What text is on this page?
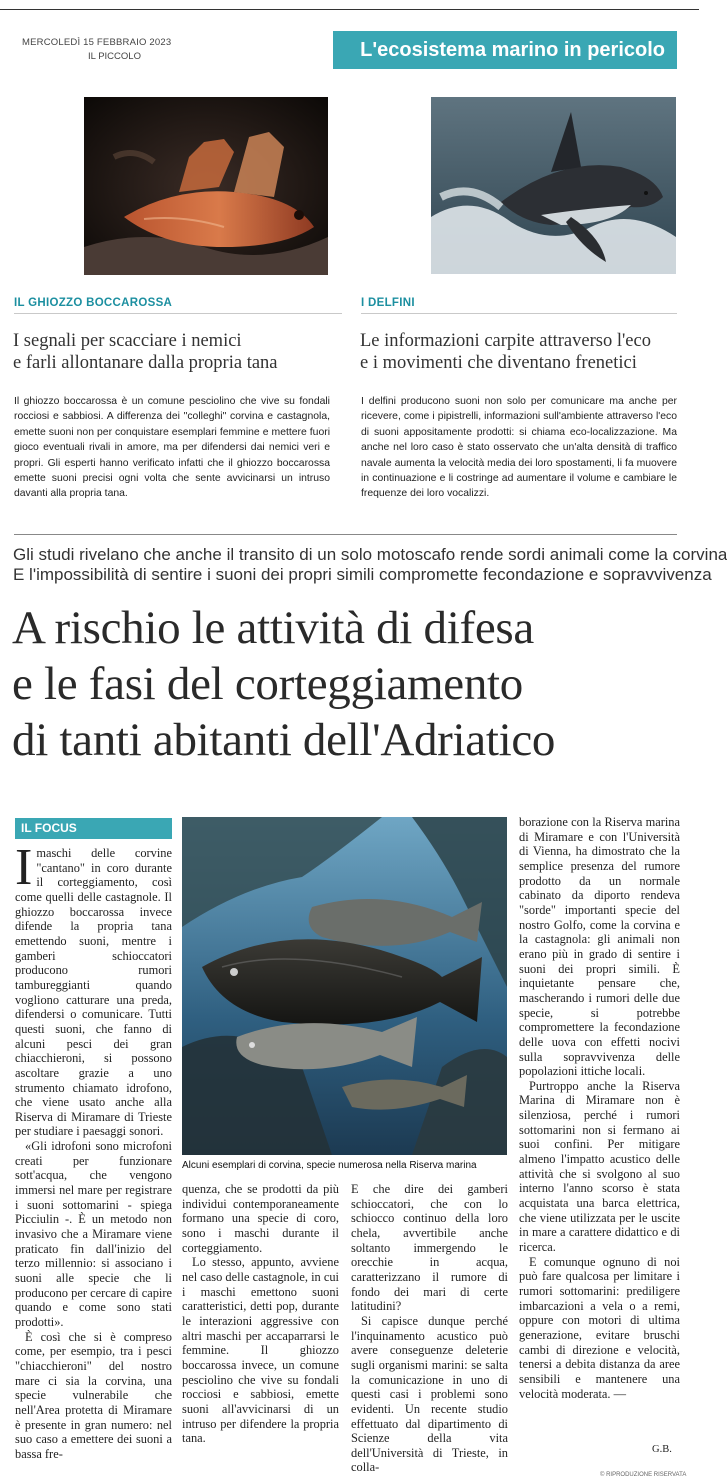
MERCOLEDÌ 15 FEBBRAIO 2023
IL PICCOLO	L'ecosistema marino in pericolo
IL GHIOZZO BOCCAROSSA
I segnali per scacciare i nemici
e farli allontanare dalla propria tana
Il ghiozzo boccarossa è un comune pesciolino che vive su fondali rocciosi e sabbiosi. A differenza dei "colleghi" corvina e castagnola, emette suoni non per conquistare esemplari femmine e mettere fuori gioco eventuali rivali in amore, ma per difendersi dai nemici veri e propri. Gli esperti hanno verificato infatti che il ghiozzo boccarossa emette suoni precisi ogni volta che sente avvicinarsi un intruso davanti alla propria tana.
I DELFINI
Le informazioni carpite attraverso l'eco
e i movimenti che diventano frenetici
I delfini producono suoni non solo per comunicare ma anche per ricevere, come i pipistrelli, informazioni sull'ambiente attraverso l'eco di suoni appositamente prodotti: si chiama eco-localizzazione. Ma anche nel loro caso è stato osservato che un'alta densità di traffico navale aumenta la velocità media dei loro spostamenti, li fa muovere in continuazione e li costringe ad aumentare il volume e cambiare le frequenze dei loro vocalizzi.
Gli studi rivelano che anche il transito di un solo motoscafo rende sordi animali come la corvina
E l'impossibilità di sentire i suoni dei propri simili compromette fecondazione e sopravvivenza
A rischio le attività di difesa
e le fasi del corteggiamento
di tanti abitanti dell'Adriatico
IL FOCUS

Imaschi delle corvine "cantano" in coro durante il corteggiamento, così come quelli delle castagnole. Il ghiozzo boccarossa invece difende la propria tana emettendo suoni, mentre i gamberi schioccatori producono rumori tambureggianti quando vogliono catturare una preda, difendersi o comunicare. Tutti questi suoni, che fanno di alcuni pesci dei gran chiacchieroni, si possono ascoltare grazie a uno strumento chiamato idrofono, che viene usato anche alla Riserva di Miramare di Trieste per studiare i paesaggi sonori.

«Gli idrofoni sono microfoni creati per funzionare sott'acqua, che vengono immersi nel mare per registrare i suoni sottomarini - spiega Picciulin -. È un metodo non invasivo che a Miramare viene praticato fin dall'inizio del terzo millennio: si associano i suoni alle specie che li producono per cercare di capire quando e come sono stati prodotti».

È così che si è compreso come, per esempio, tra i pesci "chiacchieroni" del nostro mare ci sia la corvina, una specie vulnerabile che nell'Area protetta di Miramare è presente in gran numero: nel suo caso a emettere dei suoni a bassa fre-

Alcuni esemplari di corvina, specie numerosa nella Riserva marina

quenza, che se prodotti da più individui contemporaneamente formano una specie di coro, sono i maschi durante il corteggiamento.

Lo stesso, appunto, avviene nel caso delle castagnole, in cui i maschi emettono suoni caratteristici, detti pop, durante le interazioni aggressive con altri maschi per accaparrarsi le femmine. Il ghiozzo boccarossa invece, un comune pesciolino che vive su fondali rocciosi e sabbiosi, emette suoni all'avvicinarsi di un intruso per difendere la propria tana.

E che dire dei gamberi schioccatori, che con lo schiocco continuo della loro chela, avvertibile anche soltanto immergendo le orecchie in acqua, caratterizzano il rumore di fondo dei mari di certe latitudini?

Si capisce dunque perché l'inquinamento acustico può avere conseguenze deleterie sugli organismi marini: se salta la comunicazione in uno di questi casi i problemi sono evidenti. Un recente studio effettuato dal dipartimento di Scienze della vita dell'Università di Trieste, in colla-

borazione con la Riserva marina di Miramare e con l'Università di Vienna, ha dimostrato che la semplice presenza del rumore prodotto da un normale cabinato da diporto rendeva "sorde" importanti specie del nostro Golfo, come la corvina e la castagnola: gli animali non erano più in grado di sentire i suoni dei propri simili. È inquietante pensare che, mascherando i rumori delle due specie, si potrebbe compromettere la fecondazione delle uova con effetti nocivi sulla sopravvivenza delle popolazioni ittiche locali.

Purtroppo anche la Riserva Marina di Miramare non è silenziosa, perché i rumori sottomarini non si fermano ai suoi confini. Per mitigare almeno l'impatto acustico delle attività che si svolgono al suo interno l'anno scorso è stata acquistata una barca elettrica, che viene utilizzata per le uscite in mare a carattere didattico e di ricerca.

E comunque ognuno di noi può fare qualcosa per limitare i rumori sottomarini: prediligere imbarcazioni a vela o a remi, oppure con motori di ultima generazione, evitare bruschi cambi di direzione e velocità, tenersi a debita distanza da aree sensibili e mantenere una velocità moderata. —

G.B.
© RIPRODUZIONE RISERVATA
